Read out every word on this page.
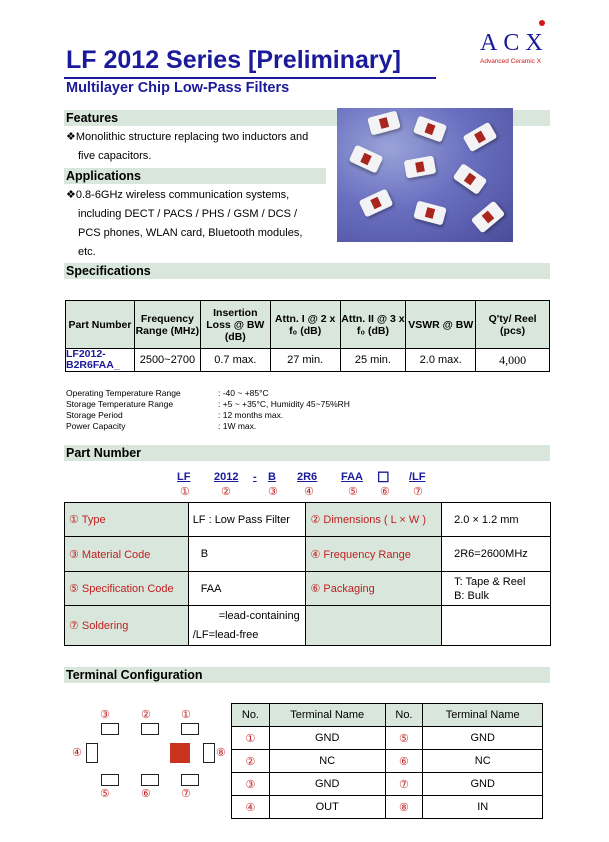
LF 2012 Series [Preliminary]
Multilayer Chip Low-Pass Filters
ACX
Advanced Ceramic X
Features
❖Monolithic structure replacing two inductors and
five capacitors.
Applications
❖0.8-6GHz wireless communication systems,
including DECT / PACS / PHS / GSM / DCS /
PCS phones, WLAN card, Bluetooth modules,
etc.
Specifications
Part Number	Frequency Range (MHz)	Insertion Loss @ BW (dB)	Attn. I @ 2 x f₀ (dB)	Attn. II @ 3 x f₀ (dB)	VSWR @ BW	Q'ty/ Reel (pcs)

LF2012-
B2R6FAA_	2500~2700	0.7 max.	27 min.	25 min.	2.0 max.	4,000
Operating Temperature Range	: -40 ~ +85°C
Storage Temperature Range	: +5 ~ +35°C, Humidity 45~75%RH
Storage Period	: 12 months max.
Power Capacity	: 1W max.
Part Number
LF 2012 - B 2R6 FAA ☐ /LF
①	②	③ ④	⑤ ⑥ ⑦
① Type	LF : Low Pass Filter	② Dimensions ( L × W )	2.0 × 1.2 mm
③ Material Code	B	④ Frequency Range	2R6=2600MHz
⑤ Specification Code	FAA	⑥ Packaging	T: Tape & Reel
B: Bulk

⑦ Soldering	=lead-containing
/LF=lead-free		

Terminal Configuration
③	②	①
④	⑧
⑤	⑥	⑦
No.	Terminal Name	No.	Terminal Name
①	GND	⑤	GND
②	NC	⑥	NC
③	GND	⑦	GND
④	OUT	⑧	IN
